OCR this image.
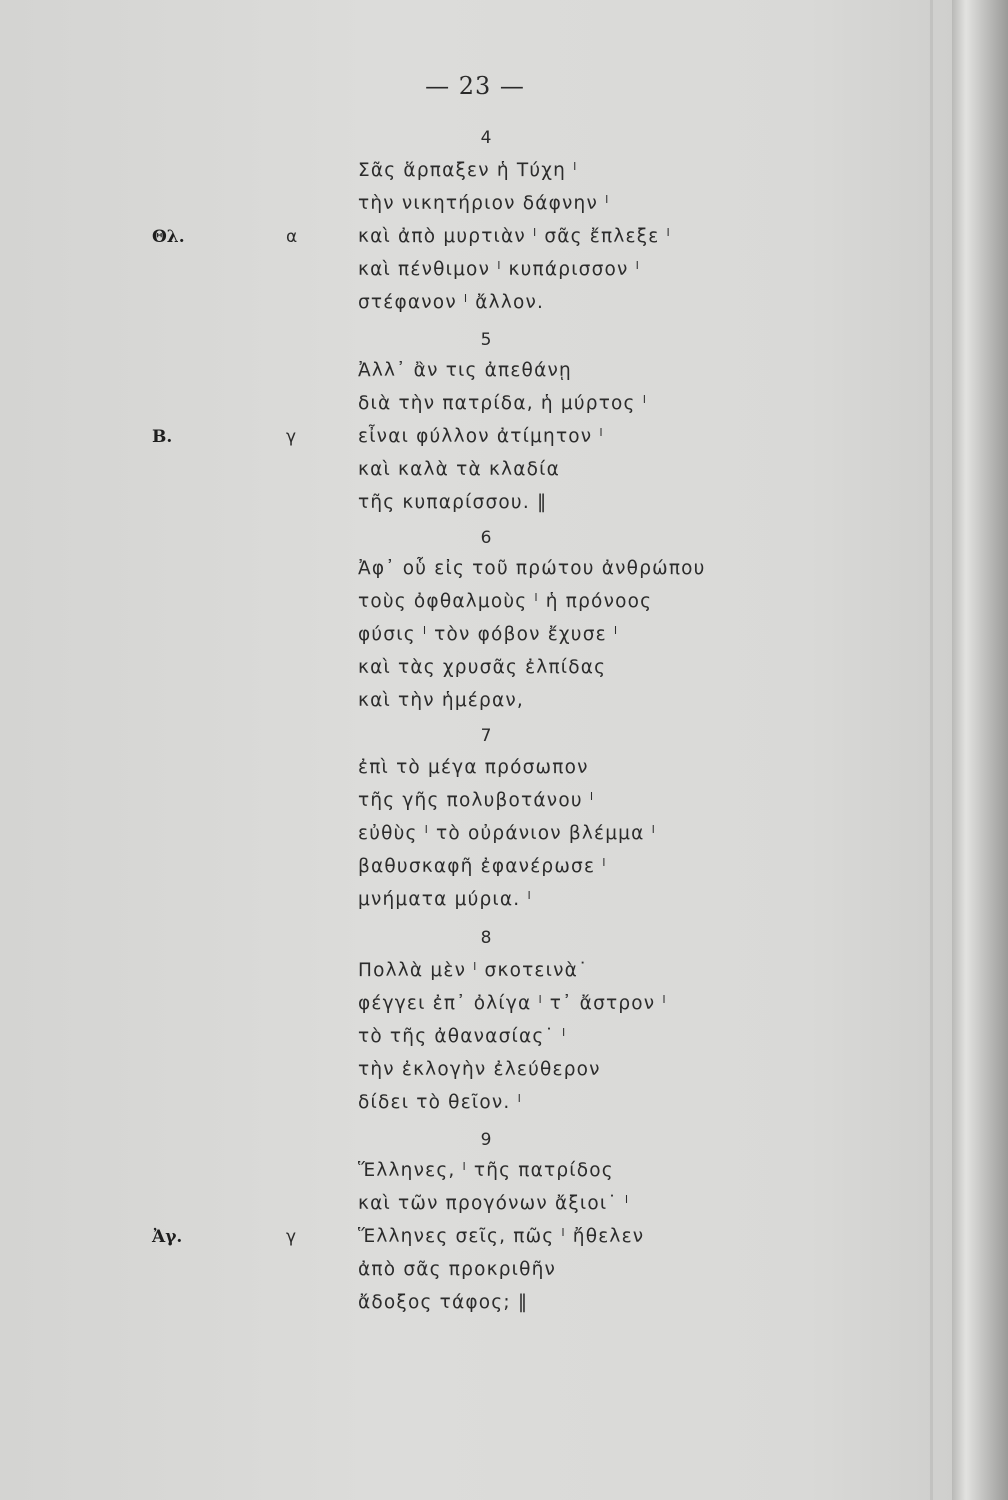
— 23 —
4
Σᾶς ἅρπαξεν ἡ Τύχη ˡ
τὴν νικητήριον δάφνην ˡ
καὶ ἀπὸ μυρτιὰν ˡ σᾶς ἔπλεξε ˡ
καὶ πένθιμον ˡ κυπάρισσον ˡ
στέφανον ˡ ἄλλον.
5
Ἀλλ᾽ ἂν τις ἀπεθάνῃ
διὰ τὴν πατρίδα, ἡ μύρτος ˡ
εἶναι φύλλον ἀτίμητον ˡ
καὶ καλὰ τὰ κλαδία
τῆς κυπαρίσσου. ‖
6
Ἀφ᾽ οὗ εἰς τοῦ πρώτου ἀνθρώπου
τοὺς ὀφθαλμοὺς ˡ ἡ πρόνοος
φύσις ˡ τὸν φόβον ἔχυσε ˡ
καὶ τὰς χρυσᾶς ἐλπίδας
καὶ τὴν ἡμέραν,
7
ἐπὶ τὸ μέγα πρόσωπον
τῆς γῆς πολυβοτάνου ˡ
εὐθὺς ˡ τὸ οὐράνιον βλέμμα ˡ
βαθυσκαφῆ ἐφανέρωσε ˡ
μνήματα μύρια. ˡ
8
Πολλὰ μὲν ˡ σκοτεινὰ˙
φέγγει ἐπ᾽ ὀλίγα ˡ τ᾽ ἄστρον ˡ
τὸ τῆς ἀθανασίας˙ ˡ
τὴν ἐκλογὴν ἐλεύθερον
δίδει τὸ θεῖον. ˡ
9
Ἕλληνες, ˡ τῆς πατρίδος
καὶ τῶν προγόνων ἄξιοι˙ ˡ
Ἕλληνες σεῖς, πῶς ˡ ἤθελεν
ἀπὸ σᾶς προκριθῆν
ἄδοξος τάφος; ‖
Θλ.	α
Β.	γ
Ἀγ.	γ
